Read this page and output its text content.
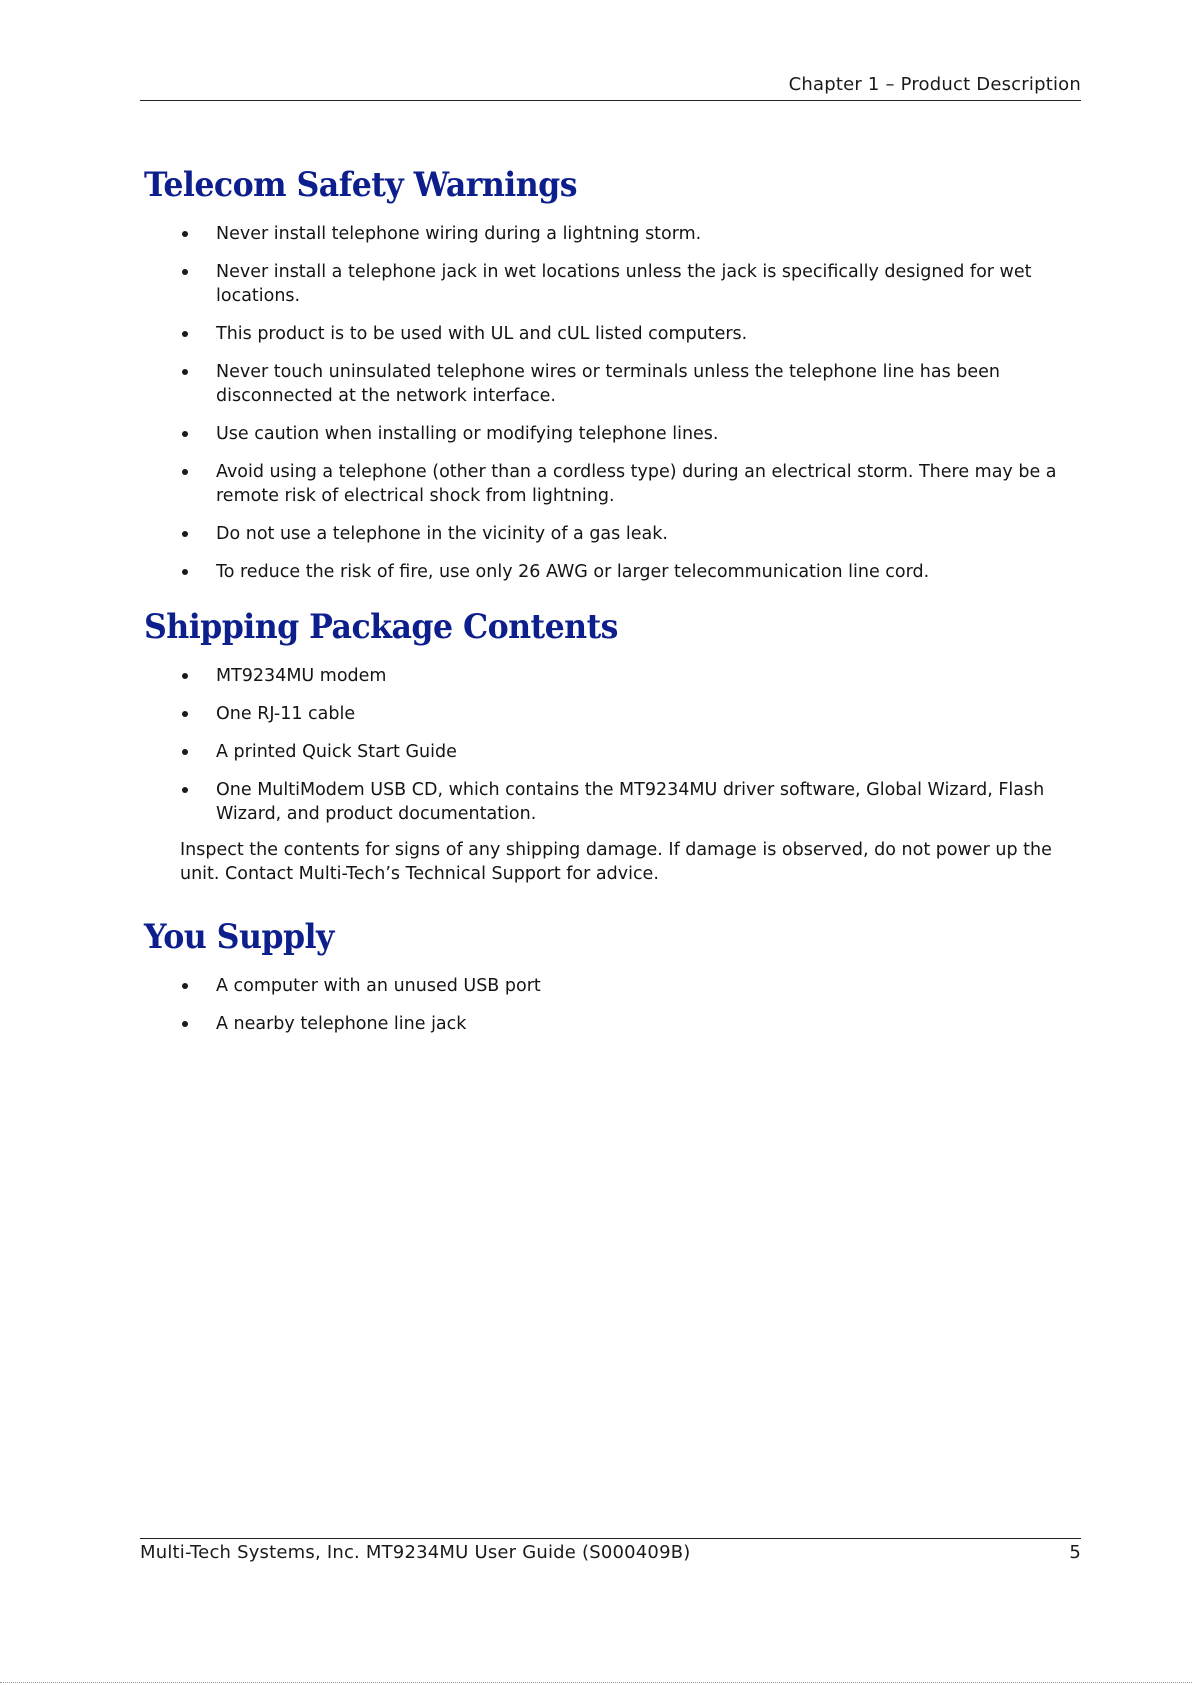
Chapter 1 – Product Description
Telecom Safety Warnings
Never install telephone wiring during a lightning storm.
Never install a telephone jack in wet locations unless the jack is specifically designed for wet locations.
This product is to be used with UL and cUL listed computers.
Never touch uninsulated telephone wires or terminals unless the telephone line has been disconnected at the network interface.
Use caution when installing or modifying telephone lines.
Avoid using a telephone (other than a cordless type) during an electrical storm. There may be a remote risk of electrical shock from lightning.
Do not use a telephone in the vicinity of a gas leak.
To reduce the risk of fire, use only 26 AWG or larger telecommunication line cord.
Shipping Package Contents
MT9234MU modem
One RJ-11 cable
A printed Quick Start Guide
One MultiModem USB CD, which contains the MT9234MU driver software, Global Wizard, Flash Wizard, and product documentation.

Inspect the contents for signs of any shipping damage. If damage is observed, do not power up the unit. Contact Multi-Tech’s Technical Support for advice.

You Supply
A computer with an unused USB port
A nearby telephone line jack
Multi-Tech Systems, Inc. MT9234MU User Guide (S000409B)	5
